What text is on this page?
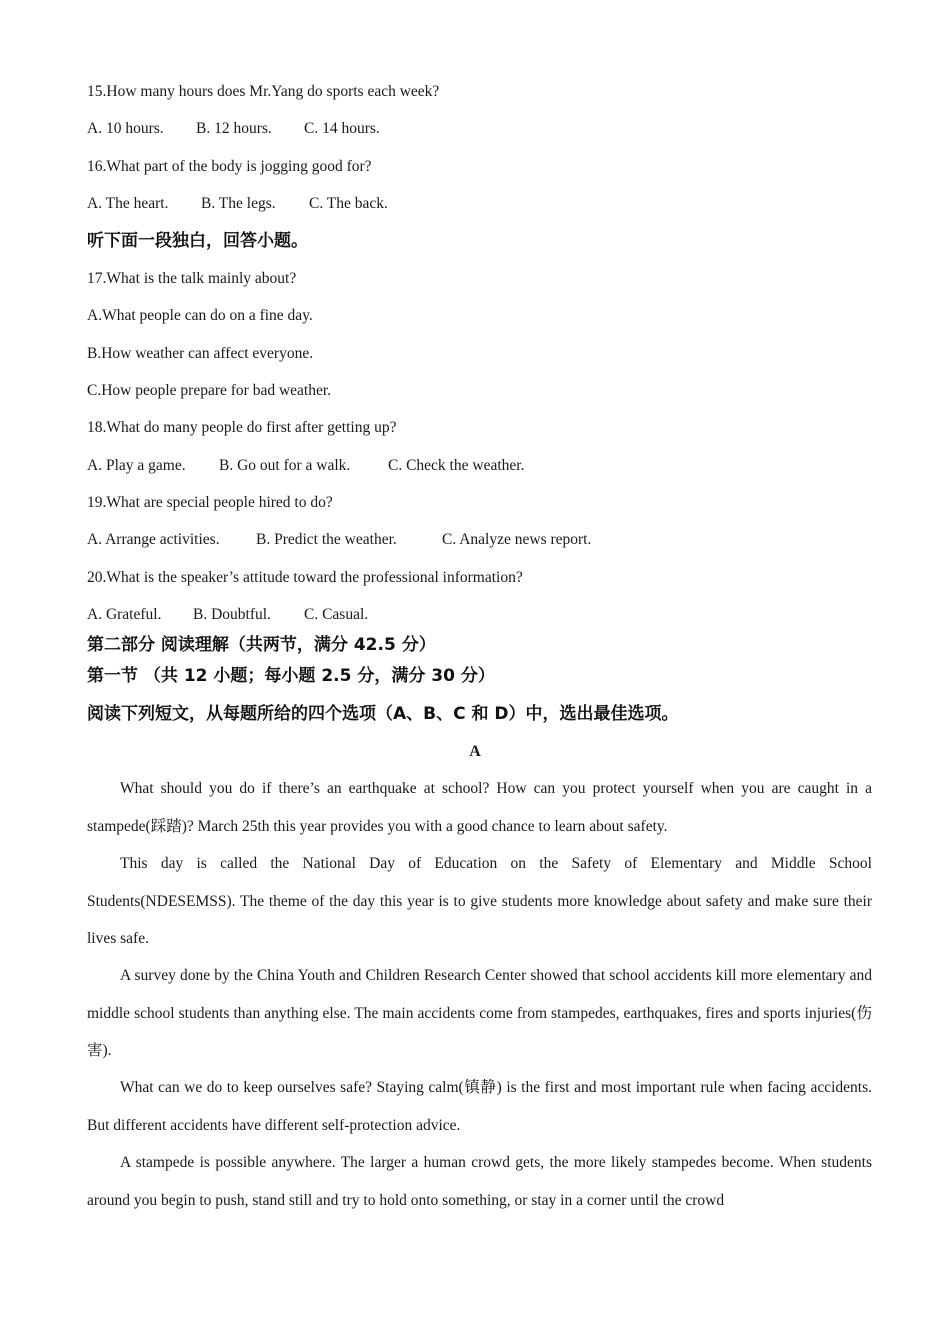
15.How many hours does Mr.Yang do sports each week?
A. 10 hours. B. 12 hours. C. 14 hours.
16.What part of the body is jogging good for?
A. The heart. B. The legs. C. The back.
听下面一段独白，回答小题。
17.What is the talk mainly about?
A.What people can do on a fine day.
B.How weather can affect everyone.
C.How people prepare for bad weather.
18.What do many people do first after getting up?
A. Play a game. B. Go out for a walk. C. Check the weather.
19.What are special people hired to do?
A. Arrange activities. B. Predict the weather.	C. Analyze news report.
20.What is the speaker’s attitude toward the professional information?
A. Grateful. B. Doubtful. C. Casual.
第二部分 阅读理解（共两节，满分 42.5 分）
第一节 （共 12 小题；每小题 2.5 分，满分 30 分）
阅读下列短文，从每题所给的四个选项（A、B、C 和 D）中，选出最佳选项。
A

What should you do if there’s an earthquake at school? How can you protect yourself when you are caught in a stampede(踩踏)? March 25th this year provides you with a good chance to learn about safety.

This day is called the National Day of Education on the Safety of Elementary and Middle School Students(NDESEMSS). The theme of the day this year is to give students more knowledge about safety and make sure their lives safe.

A survey done by the China Youth and Children Research Center showed that school accidents kill more elementary and middle school students than anything else. The main accidents come from stampedes, earthquakes, fires and sports injuries(伤害).

What can we do to keep ourselves safe? Staying calm(镇静) is the first and most important rule when facing accidents. But different accidents have different self-protection advice.

A stampede is possible anywhere. The larger a human crowd gets, the more likely stampedes become. When students around you begin to push, stand still and try to hold onto something, or stay in a corner until the crowd
